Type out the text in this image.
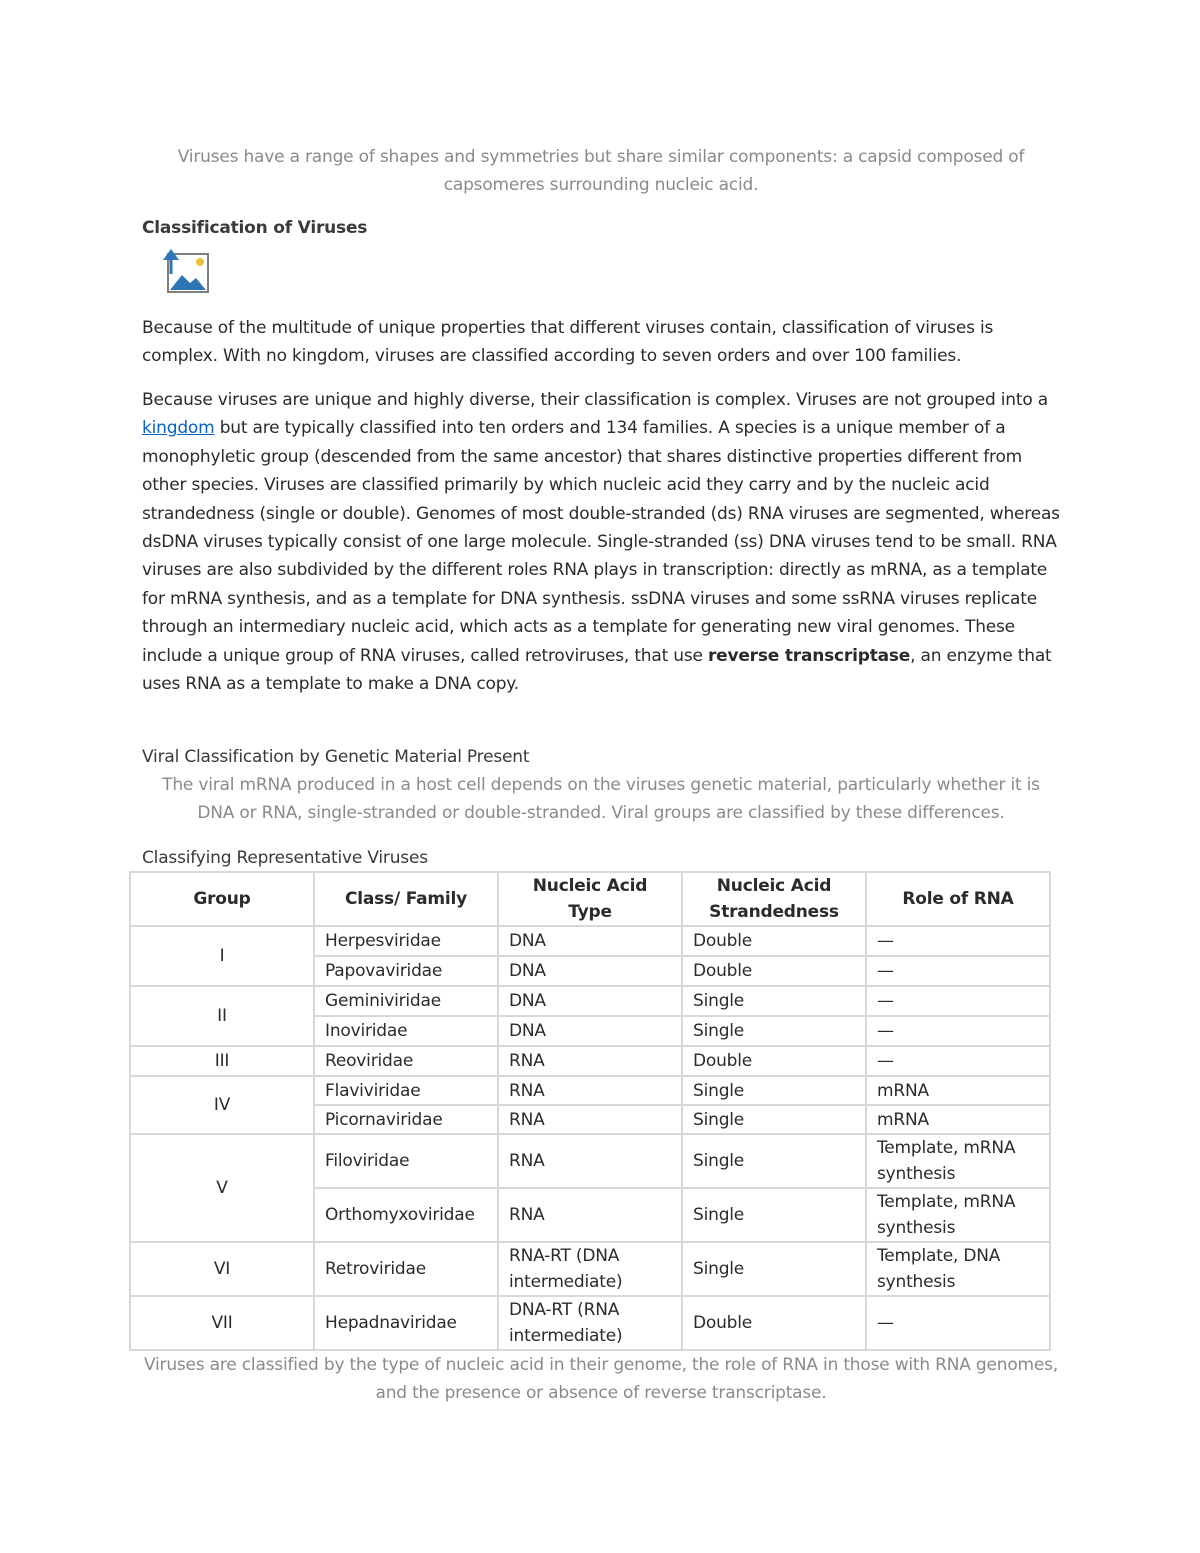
Viruses have a range of shapes and symmetries but share similar components: a capsid composed of capsomeres surrounding nucleic acid.
Classification of Viruses
Because of the multitude of unique properties that different viruses contain, classification of viruses is complex. With no kingdom, viruses are classified according to seven orders and over 100 families.
Because viruses are unique and highly diverse, their classification is complex. Viruses are not grouped into a kingdom but are typically classified into ten orders and 134 families. A species is a unique member of a monophyletic group (descended from the same ancestor) that shares distinctive properties different from other species. Viruses are classified primarily by which nucleic acid they carry and by the nucleic acid strandedness (single or double). Genomes of most double-stranded (ds) RNA viruses are segmented, whereas dsDNA viruses typically consist of one large molecule. Single-stranded (ss) DNA viruses tend to be small. RNA viruses are also subdivided by the different roles RNA plays in transcription: directly as mRNA, as a template for mRNA synthesis, and as a template for DNA synthesis. ssDNA viruses and some ssRNA viruses replicate through an intermediary nucleic acid, which acts as a template for generating new viral genomes. These include a unique group of RNA viruses, called retroviruses, that use reverse transcriptase, an enzyme that uses RNA as a template to make a DNA copy.
Viral Classification by Genetic Material Present
The viral mRNA produced in a host cell depends on the viruses genetic material, particularly whether it is DNA or RNA, single-stranded or double-stranded. Viral groups are classified by these differences.
Classifying Representative Viruses
Group	Class/ Family	Nucleic Acid Type	Nucleic Acid Strandedness	Role of RNA
I	Herpesviridae	DNA	Double	—
	Papovaviridae	DNA	Double	—
II	Geminiviridae	DNA	Single	—
	Inoviridae	DNA	Single	—
III	Reoviridae	RNA	Double	—
IV	Flaviviridae	RNA	Single	mRNA
	Picornaviridae	RNA	Single	mRNA
V	Filoviridae	RNA	Single	Template, mRNA synthesis
	Orthomyxoviridae	RNA	Single	Template, mRNA synthesis
VI	Retroviridae	RNA-RT (DNA intermediate)	Single	Template, DNA synthesis
VII	Hepadnaviridae	DNA-RT (RNA intermediate)	Double	—
Viruses are classified by the type of nucleic acid in their genome, the role of RNA in those with RNA genomes, and the presence or absence of reverse transcriptase.
